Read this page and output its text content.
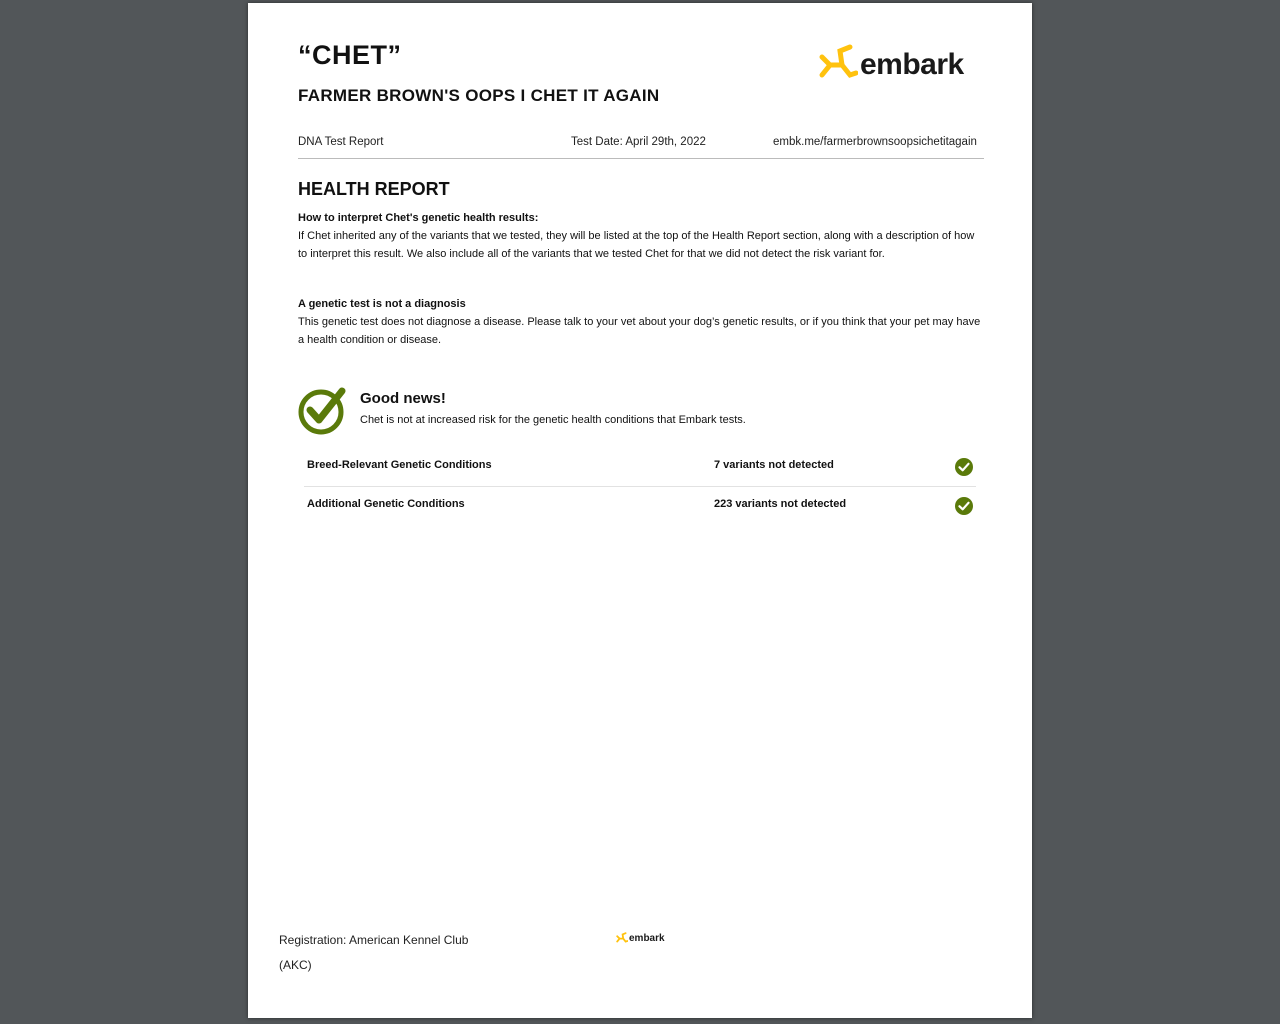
“CHET”
FARMER BROWN'S OOPS I CHET IT AGAIN
embark
DNA Test Report	Test Date: April 29th, 2022	embk.me/farmerbrownsoopsichetitagain
HEALTH REPORT
How to interpret Chet's genetic health results:
If Chet inherited any of the variants that we tested, they will be listed at the top of the Health Report section, along with a description of how to interpret this result. We also include all of the variants that we tested Chet for that we did not detect the risk variant for.
A genetic test is not a diagnosis
This genetic test does not diagnose a disease. Please talk to your vet about your dog’s genetic results, or if you think that your pet may have a health condition or disease.
Good news!
Chet is not at increased risk for the genetic health conditions that Embark tests.
Breed-Relevant Genetic Conditions	7 variants not detected
Additional Genetic Conditions	223 variants not detected
Registration: American Kennel Club (AKC)
embark
